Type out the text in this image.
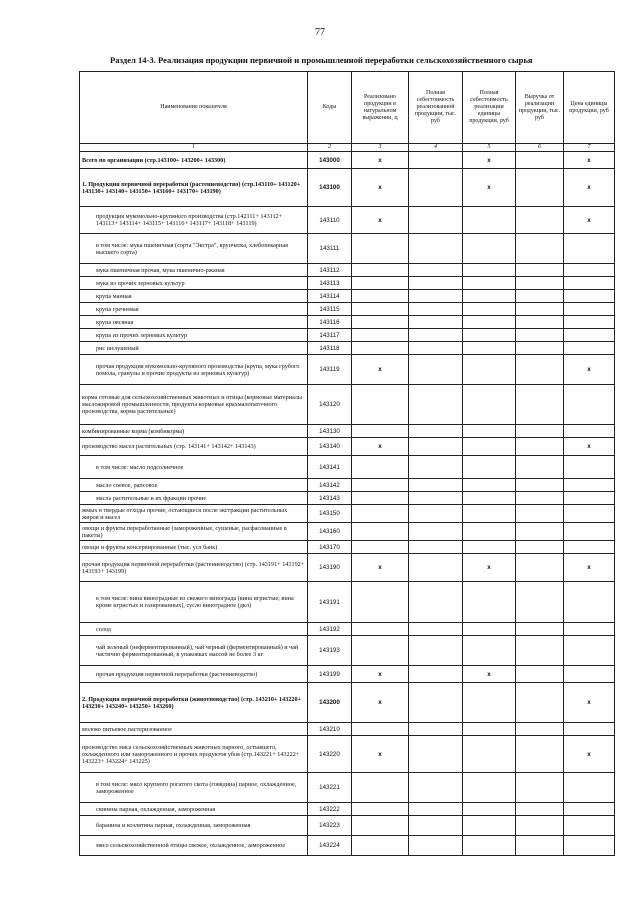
77
Раздел 14-3. Реализация продукции первичной и промышленной переработки сельскохозяйственного сырья
Наименование показателя	Коды	Реализовано продукции в натуральном выражении, ц	Полная себестоимость реализованной продукции, тыс. руб	Полная себестоимость реализации единицы продукции, руб	Выручка от реализации продукции, тыс. руб	Цена единицы продукции, руб
1	2	3	4	5	6	7
Всего по организации (стр.143100+ 143200+ 143300)	143000	x		x		x
1. Продукция первичной переработки (растениеводство) (стр.143110+ 143120+ 143130+ 143140+ 143150+ 143160+ 143170+ 143190)	143100	x		x		x
продукция мукомольно-крупяного производства (стр.142111+ 143112+ 143113+ 143114+ 143115+ 143116+ 143117+ 143118+ 143119)	143110	x				x
в том числе: мука пшеничная (сорта "Экстра", крупчатка, хлебопекарная высшего сорта)	143111					
мука пшеничная прочая, мука пшенично-ржаная	143112					
мука из прочих зерновых культур	143113					
крупа манная	143114					
крупа гречневая	143115					
крупа овсяная	143116					
крупа из прочих зерновых культур	143117					
рис шелушеный	143118					
прочая продукция мукомольно-крупяного производства (крупа, мука грубого помола, гранулы и прочие продукты из зерновых культур)	143119	x				x
корма готовые для сельскохозяйственных животных и птицы (кормовые материалы масложировой промышленности, продукты кормовые крахмалопаточного производства, корма растительные)	143120					
комбинированные корма (комбикорма)	143130					
производство масел растительных (стр. 143141+ 143142+ 143143)	143140	x				x
в том числе: масло подсолнечное	143141					
масло соевое, рапсовое	143142					
масла растительные и их фракции прочие	143143					
жмых в твердые отходы прочие, остающиеся после экстракции растительных жиров и масел	143150					
овощи и фрукты переработанные (замороженные, сушеные, расфасованные в пакеты)	143160					
овощи и фрукты консервированные (тыс. усл банк)	143170					
прочая продукция первичной переработки (растениеводство) (стр. 143191+ 143192+ 143193+ 143199)	143190	x		x		x
в том числе: вина виноградные из свежего винограда (вина игристые; вина кроме игристых и газированных), сусло виноградное (дкл)	143191					
солод	143192					
чай зеленый (неферментированный), чай черный (ферментированный) и чай частично ферментированный, в упаковках массой не более 3 кг	143193					
прочая продукция первичной переработки (растениеводство)	143199	x		x		
2. Продукция первичной переработки (животноводство) (стр. 143210+ 143220+ 143230+ 143240+ 143250+ 143260)	143200	x				x
молоко питьевое пастеризованное	143210					
производство мяса сельскохозяйственных животных парного, остывшего, охлажденного или замороженного и прочих продуктов убоя (стр.143221+ 143222+ 143223+ 143224+ 143225)	143220	x				x
в том числе: мясо крупного рогатого скота (говядина) парное, охлажденное, замороженное	143221					
свинина парная, охлажденная, замороженная	143222					
баранина и козлятина парная, охлажденная, замороженная	143223					
мясо сельскохозяйственной птицы свежее, охлажденное, замороженное	143224					
